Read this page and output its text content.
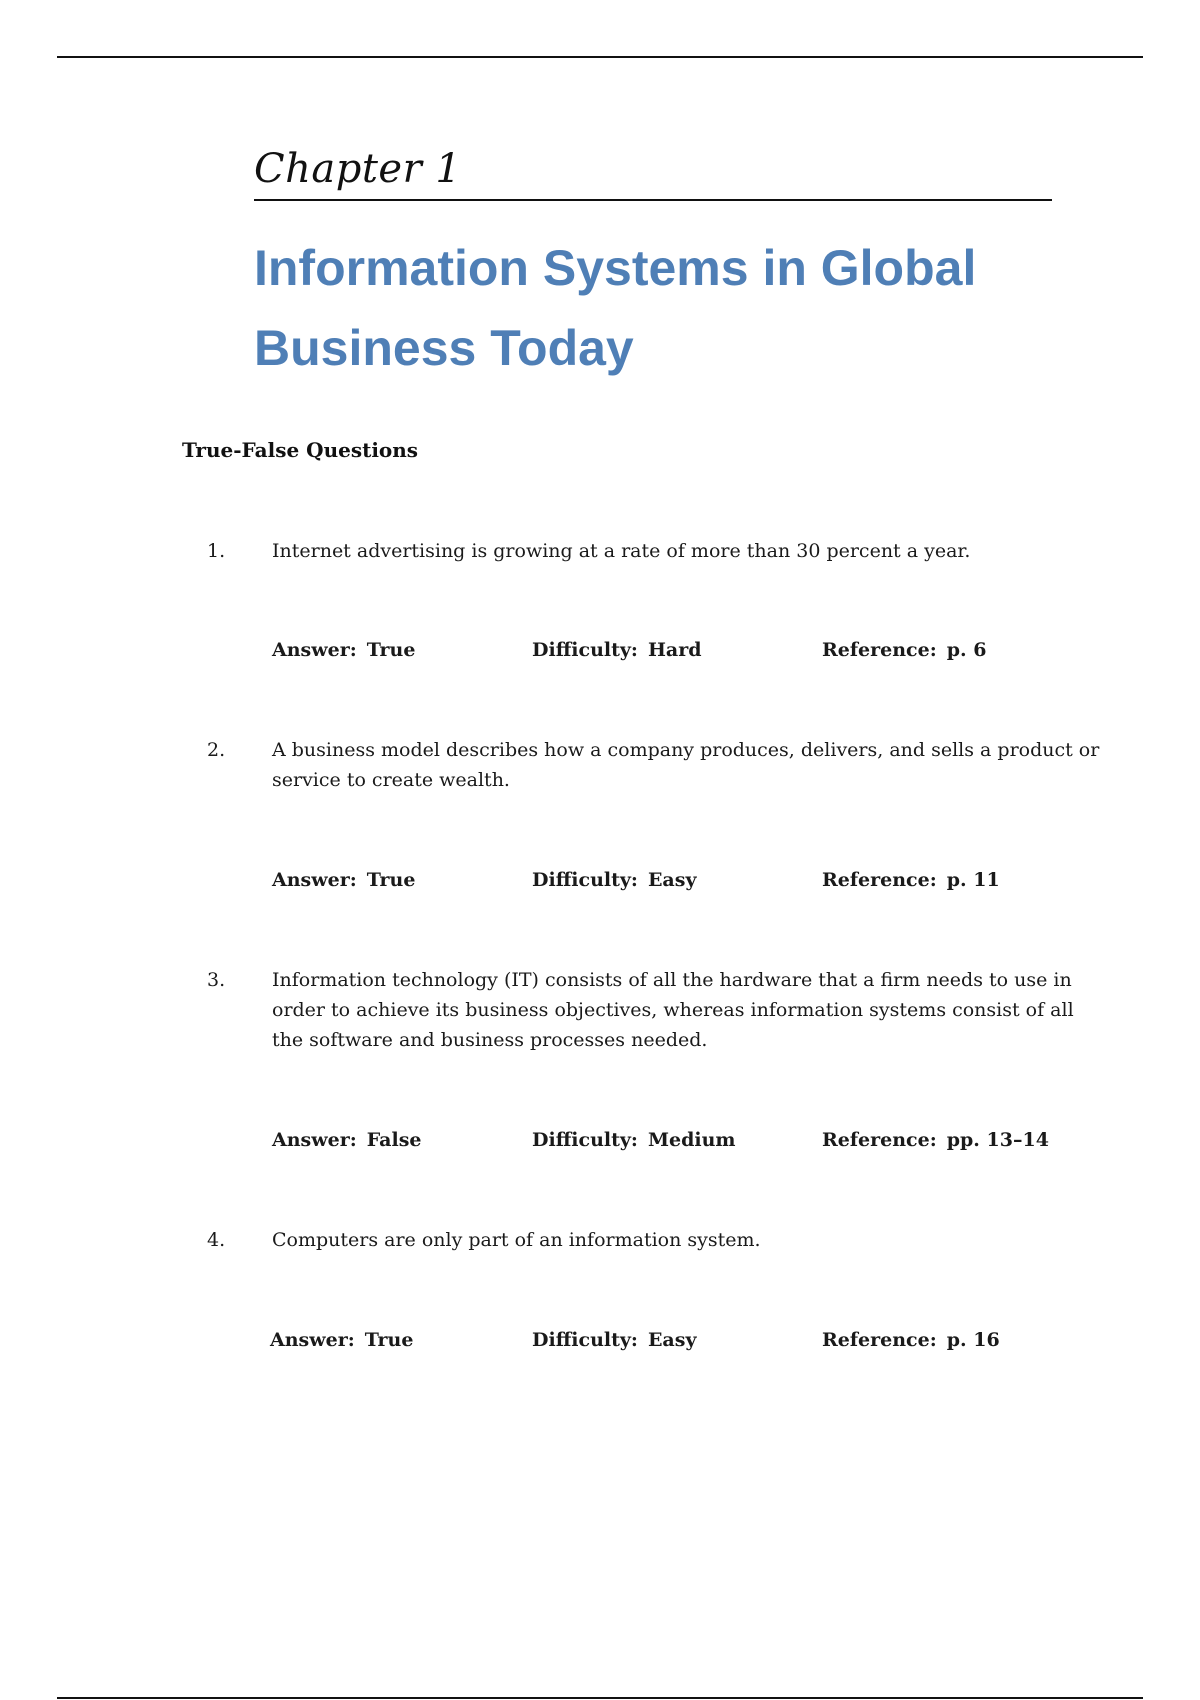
Chapter 1
Information Systems in Global
Business Today
True-False Questions
1. Internet advertising is growing at a rate of more than 30 percent a year.
Answer: True	Difficulty: Hard	Reference: p. 6
2. A business model describes how a company produces, delivers, and sells a product or service to create wealth.
Answer: True	Difficulty: Easy	Reference: p. 11
3. Information technology (IT) consists of all the hardware that a firm needs to use in order to achieve its business objectives, whereas information systems consist of all the software and business processes needed.
Answer: False	Difficulty: Medium	Reference: pp. 13–14
4. Computers are only part of an information system.
Answer: True	Difficulty: Easy	Reference: p. 16
